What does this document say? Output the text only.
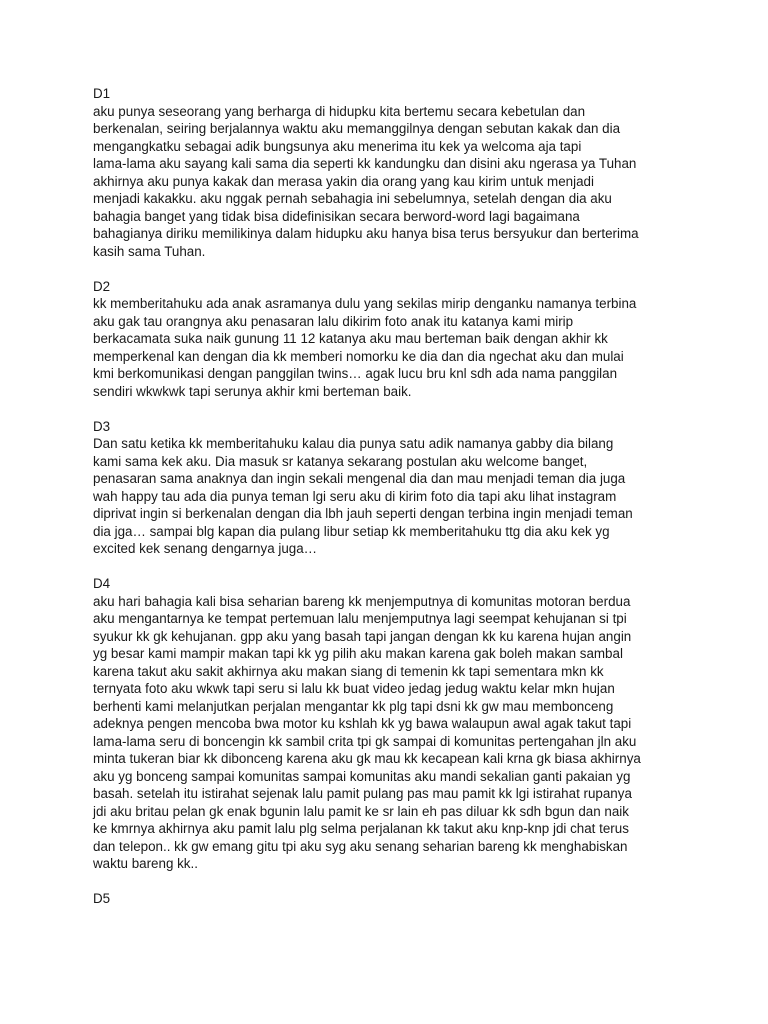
D1
aku punya seseorang yang berharga di hidupku kita bertemu secara kebetulan dan
berkenalan, seiring berjalannya waktu aku memanggilnya dengan sebutan kakak dan dia
mengangkatku sebagai adik bungsunya aku menerima itu kek ya welcoma aja tapi
lama-lama aku sayang kali sama dia seperti kk kandungku dan disini aku ngerasa ya Tuhan
akhirnya aku punya kakak dan merasa yakin dia orang yang kau kirim untuk menjadi
menjadi kakakku. aku nggak pernah sebahagia ini sebelumnya, setelah dengan dia aku
bahagia banget yang tidak bisa didefinisikan secara berword-word lagi bagaimana
bahagianya diriku memilikinya dalam hidupku aku hanya bisa terus bersyukur dan berterima
kasih sama Tuhan.
D2
kk memberitahuku ada anak asramanya dulu yang sekilas mirip denganku namanya terbina
aku gak tau orangnya aku penasaran lalu dikirim foto anak itu katanya kami mirip
berkacamata suka naik gunung 11 12 katanya aku mau berteman baik dengan akhir kk
memperkenal kan dengan dia kk memberi nomorku ke dia dan dia ngechat aku dan mulai
kmi berkomunikasi dengan panggilan twins… agak lucu bru knl sdh ada nama panggilan
sendiri wkwkwk tapi serunya akhir kmi berteman baik.
D3
Dan satu ketika kk memberitahuku kalau dia punya satu adik namanya gabby dia bilang
kami sama kek aku. Dia masuk sr katanya sekarang postulan aku welcome banget,
penasaran sama anaknya dan ingin sekali mengenal dia dan mau menjadi teman dia juga
wah happy tau ada dia punya teman lgi seru aku di kirim foto dia tapi aku lihat instagram
diprivat ingin si berkenalan dengan dia lbh jauh seperti dengan terbina ingin menjadi teman
dia jga… sampai blg kapan dia pulang libur setiap kk memberitahuku ttg dia aku kek yg
excited kek senang dengarnya juga…
D4
aku hari bahagia kali bisa seharian bareng kk menjemputnya di komunitas motoran berdua
aku mengantarnya ke tempat pertemuan lalu menjemputnya lagi seempat kehujanan si tpi
syukur kk gk kehujanan. gpp aku yang basah tapi jangan dengan kk ku karena hujan angin
yg besar kami mampir makan tapi kk yg pilih aku makan karena gak boleh makan sambal
karena takut aku sakit akhirnya aku makan siang di temenin kk tapi sementara mkn kk
ternyata foto aku wkwk tapi seru si lalu kk buat video jedag jedug waktu kelar mkn hujan
berhenti kami melanjutkan perjalan mengantar kk plg tapi dsni kk gw mau membonceng
adeknya pengen mencoba bwa motor ku kshlah kk yg bawa walaupun awal agak takut tapi
lama-lama seru di boncengin kk sambil crita tpi gk sampai di komunitas pertengahan jln aku
minta tukeran biar kk dibonceng karena aku gk mau kk kecapean kali krna gk biasa akhirnya
aku yg bonceng sampai komunitas sampai komunitas aku mandi sekalian ganti pakaian yg
basah. setelah itu istirahat sejenak lalu pamit pulang pas mau pamit kk lgi istirahat rupanya
jdi aku britau pelan gk enak bgunin lalu pamit ke sr lain eh pas diluar kk sdh bgun dan naik
ke kmrnya akhirnya aku pamit lalu plg selma perjalanan kk takut aku knp-knp jdi chat terus
dan telepon.. kk gw emang gitu tpi aku syg aku senang seharian bareng kk menghabiskan
waktu bareng kk..
D5
